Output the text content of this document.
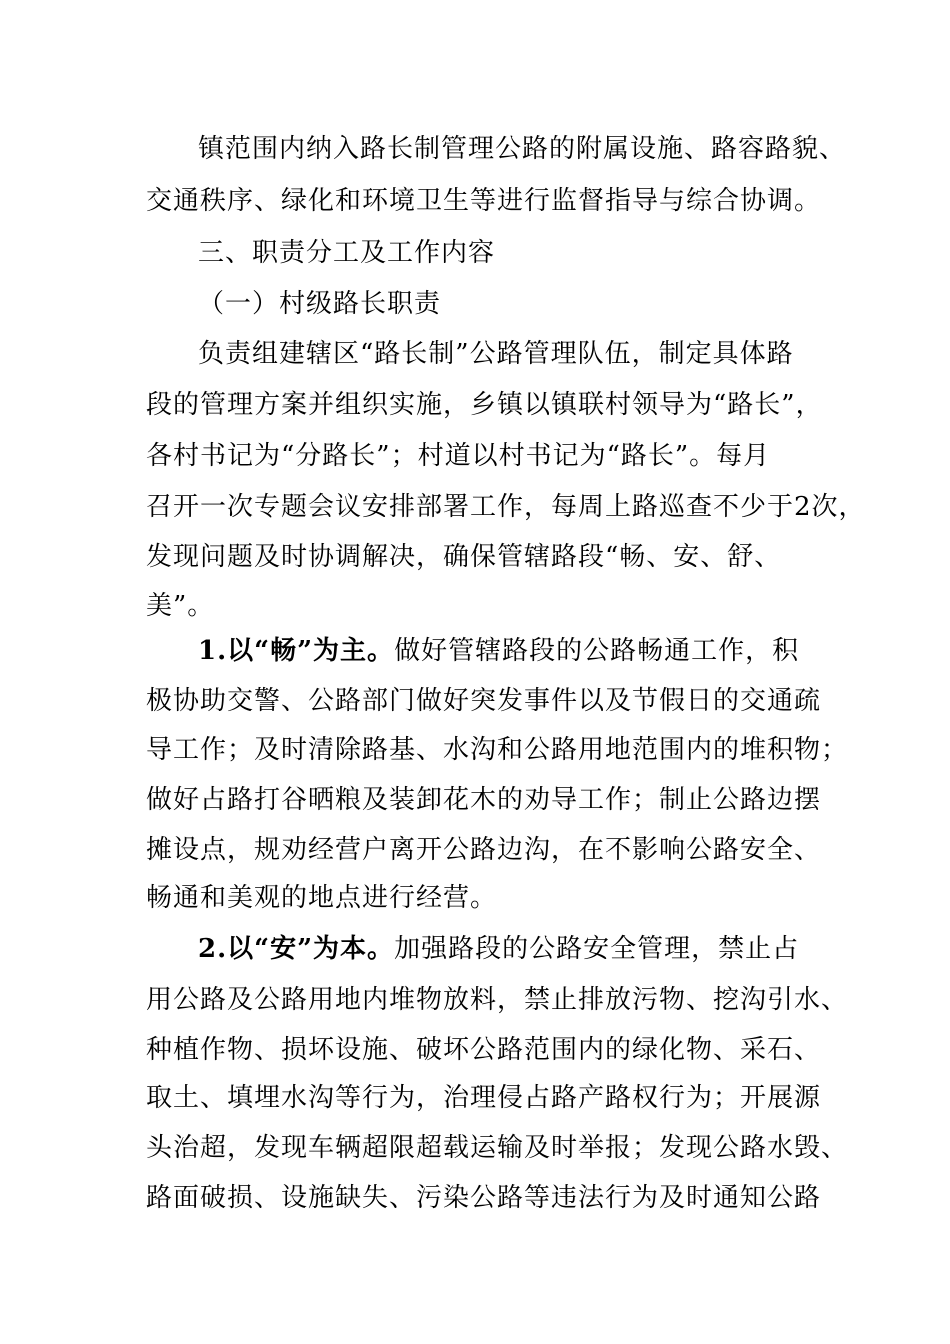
镇范围内纳入路长制管理公路的附属设施、路容路貌、
交通秩序、绿化和环境卫生等进行监督指导与综合协调。
三、职责分工及工作内容
（一）村级路长职责
负责组建辖区“路长制”公路管理队伍，制定具体路
段的管理方案并组织实施，乡镇以镇联村领导为“路长”，
各村书记为“分路长”；村道以村书记为“路长”。每月
召开一次专题会议安排部署工作，每周上路巡查不少于2次，
发现问题及时协调解决，确保管辖路段“畅、安、舒、
美”。
1.以“畅”为主。做好管辖路段的公路畅通工作，积
极协助交警、公路部门做好突发事件以及节假日的交通疏
导工作；及时清除路基、水沟和公路用地范围内的堆积物；
做好占路打谷晒粮及装卸花木的劝导工作；制止公路边摆
摊设点，规劝经营户离开公路边沟，在不影响公路安全、
畅通和美观的地点进行经营。
2.以“安”为本。加强路段的公路安全管理，禁止占
用公路及公路用地内堆物放料，禁止排放污物、挖沟引水、
种植作物、损坏设施、破坏公路范围内的绿化物、采石、
取土、填埋水沟等行为，治理侵占路产路权行为；开展源
头治超，发现车辆超限超载运输及时举报；发现公路水毁、
路面破损、设施缺失、污染公路等违法行为及时通知公路
